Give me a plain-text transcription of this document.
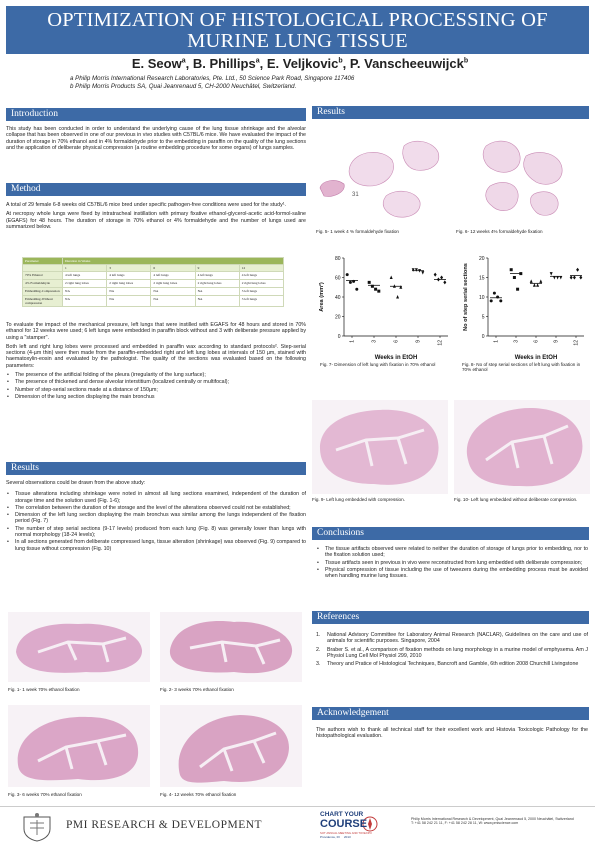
OPTIMIZATION OF HISTOLOGICAL PROCESSING OF MURINE LUNG TISSUE
E. Seow$^a$, B. Phillips$^a$, E. Veljkovic$^b$, P. Vanscheeuwijck$^b$
a Philip Morris International Research Laboratories, Pte. Ltd., 50 Science Park Road, Singapore 117406
b Philip Morris Products SA, Quai Jeanrenaud 5, CH-2000 Neuchâtel, Switzerland.
Introduction
This study has been conducted in order to understand the underlying cause of the lung tissue shrinkage and the alveolar collapse that has been observed in one of our previous in vivo studies with C57BL/6 mice. We have evaluated the impact of the duration of storage in 70% ethanol and in 4% formaldehyde prior to the embedding in paraffin on the quality of the lung sections and the application of deliberate physical compression (a routine embedding procedure for some organs) of lungs samples.
Method

A total of 29 female 6-8 weeks old C57BL/6 mice bred under specific pathogen-free conditions were used for the study¹.

At necropsy whole lungs were fixed by intratracheal instillation with primary fixative ethanol-glycerol-acetic acid-formol-saline (EGAFS) for 48 hours. The duration of storage in 70% ethanol or 4% formaldehyde and the number of lungs used are summarized below.

Parameter	Duration in Weeks				
	1	3	6	9	12
70% Ethanol	4 left lungs	4 left lungs	4 left lungs	4 left lungs	4 left lungs
4% Formaldehyde	2 right lung lobes	2 right lung lobes	2 right lung lobes	2 right lung lobes	2 right lung lobes
Embedding-Compression	NA	NA	NA	NA	3 left lungs
Embedding-Without compression	NA	NA	NA	NA	3 left lungs

To evaluate the impact of the mechanical pressure, left lungs that were instilled with EGAFS for 48 hours and stored in 70% ethanol for 12 weeks were used; 6 left lungs were embedded in paraffin block without and 3 with deliberate pressure applied by using a "stamper".

Both left and right lung lobes were processed and embedded in paraffin wax according to standard protocols². Step-serial sections (4-µm thin) were then made from the paraffin-embedded right and left lung lobes at intervals of 150 µm, stained with haematoxylin-eosin and evaluated by the pathologist. The quality of the sections was evaluated based on the following parameters:

• The presence of the artificial folding of the pleura (irregularity of the lung surface);
• The presence of thickened and dense alveolar interstitium (localized centrally or multifocal);
• Number of step-serial sections made at a distance of 150µm;
• Dimension of the lung section displaying the main bronchus
Results

Several observations could be drawn from the above study:

• Tissue alterations including shrinkage were noted in almost all lung sections examined, independent of the duration of storage time and the solution used (Fig. 1-6);
• The correlation between the duration of the storage and the level of the alterations observed could not be established;
• Dimension of the left lung section displaying the main bronchus was similar among the lungs independent of the fixation period (Fig. 7)
• The number of step serial sections (9-17 levels) produced from each lung (Fig. 8) was generally lower than lungs with normal morphology (18-24 levels);
• In all sections generated from deliberate compressed lungs, tissue alteration (shrinkage) was observed (Fig. 9) compared to lung tissue without compression (Fig. 10)
Fig. 1- 1 week 70% ethanol fixation	Fig. 2- 3 weeks 70% ethanol fixation
Fig. 3- 6 weeks 70% ethanol fixation	Fig. 4- 12 weeks 70% ethanol fixation
Results
31
Fig. 5- 1 week 4 % formaldehyde fixation	Fig. 6- 12 weeks 4% formaldehyde fixation
0
20
40
60
80
1	3	6	9	12
Weeks in EtOH
Area (mm²)
Fig. 7- Dimension of left lung with fixation in 70% ethanol
0
5
10
15
20
1	3	6	9	12
Weeks in EtOH
No of step serial sections
Fig. 8- No of step serial sections of left lung with fixation in 70% ethanol
Fig. 9- Left lung embedded with compression.	Fig. 10- Left lung embedded without deliberate compression.
Conclusions
• The tissue artifacts observed were related to neither the duration of storage of lungs prior to embedding, nor to the fixation solution used;
• Tissue artifacts seen in previous in vivo were reconstructed from lung embedded with deliberate compression;
• Physical compression of tissue including the use of tweezers during the embedding process must be avoided when handling murine lung tissues.
References
1. National Advisory Committee for Laboratory Animal Research (NACLAR), Guidelines on the care and use of animals for scientific purposes. Singapore, 2004
2. Braber S. et al., A comparison of fixation methods on lung morphology in a murine model of emphysema. Am J Physiol Lung Cell Mol Physiol 299, 2010
3. Theory and Pratice of Histological Techniques, Bancroft and Gamble, 6th edition 2008 Churchill Livingstone
Acknowledgement
The authors wish to thank all technical staff for their excellent work and Histovia Toxicologic Pathology for the histopathological evaluation.
PMI RESEARCH & DEVELOPMENT
CHART YOUR
COURSE
SOT ANNUAL MEETING AND TOXEXPO
Providence, RI 2013
Philip Morris International Research & Development, Quai Jeanrenaud 5, 2000 Neuchâtel, Switzerland
T: +41 58 242 21 11, F: +41 58 242 28 11, W: www.pmiscience.com
